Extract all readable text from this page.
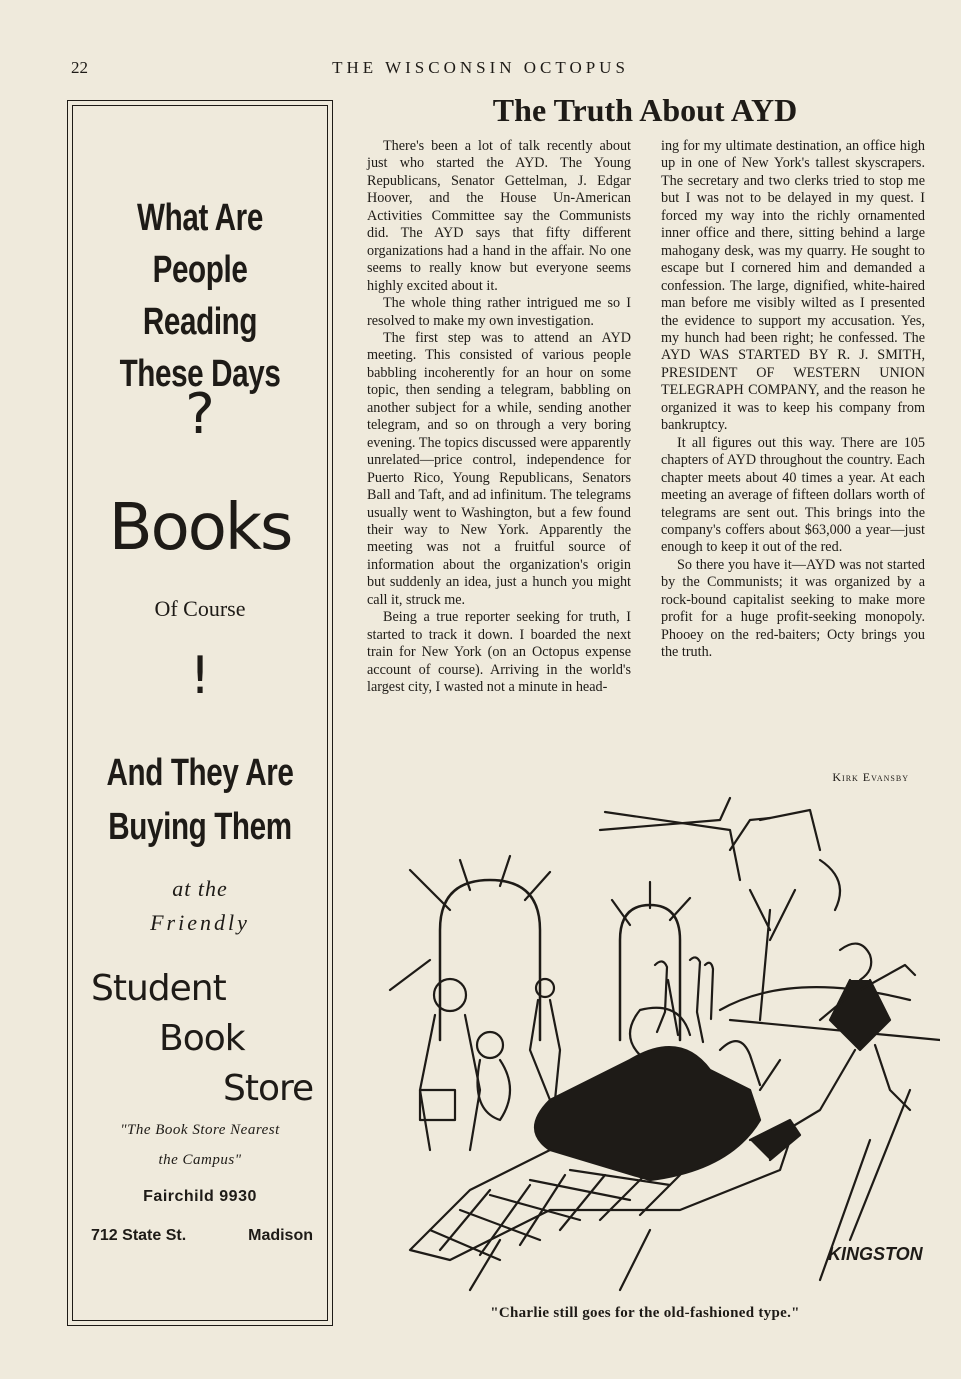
22	THE WISCONSIN OCTOPUS
What Are
People Reading
These Days
?
Books
Of Course
!
And They Are
Buying Them
at the
Friendly
Student
Book
Store
"The Book Store Nearest
the Campus"
Fairchild 9930
712 State St.	Madison
The Truth About AYD

There's been a lot of talk recently about just who started the AYD. The Young Republicans, Senator Gettelman, J. Edgar Hoover, and the House Un-American Activities Committee say the Communists did. The AYD says that fifty different organizations had a hand in the affair. No one seems to really know but everyone seems highly excited about it.

The whole thing rather intrigued me so I resolved to make my own investigation.

The first step was to attend an AYD meeting. This consisted of various people babbling incoherently for an hour on some topic, then sending a telegram, babbling on another subject for a while, sending another telegram, and so on through a very boring evening. The topics discussed were apparently unrelated—price control, independence for Puerto Rico, Young Republicans, Senators Ball and Taft, and ad infinitum. The telegrams usually went to Washington, but a few found their way to New York. Apparently the meeting was not a fruitful source of information about the organization's origin but suddenly an idea, just a hunch you might call it, struck me.

Being a true reporter seeking for truth, I started to track it down. I boarded the next train for New York (on an Octopus expense account of course). Arriving in the world's largest city, I wasted not a minute in head-

ing for my ultimate destination, an office high up in one of New York's tallest skyscrapers. The secretary and two clerks tried to stop me but I was not to be delayed in my quest. I forced my way into the richly ornamented inner office and there, sitting behind a large mahogany desk, was my quarry. He sought to escape but I cornered him and demanded a confession. The large, dignified, white-haired man before me visibly wilted as I presented the evidence to support my accusation. Yes, my hunch had been right; he confessed. The AYD WAS STARTED BY R. J. SMITH, PRESIDENT OF WESTERN UNION TELEGRAPH COMPANY, and the reason he organized it was to keep his company from bankruptcy.

It all figures out this way. There are 105 chapters of AYD throughout the country. Each chapter meets about 40 times a year. At each meeting an average of fifteen dollars worth of telegrams are sent out. This brings into the company's coffers about $63,000 a year—just enough to keep it out of the red.

So there you have it—AYD was not started by the Communists; it was organized by a rock-bound capitalist seeking to make more profit for a huge profit-seeking monopoly. Phooey on the red-baiters; Octy brings you the truth.

Kirk Evansby
KINGSTON
"Charlie still goes for the old-fashioned type."
